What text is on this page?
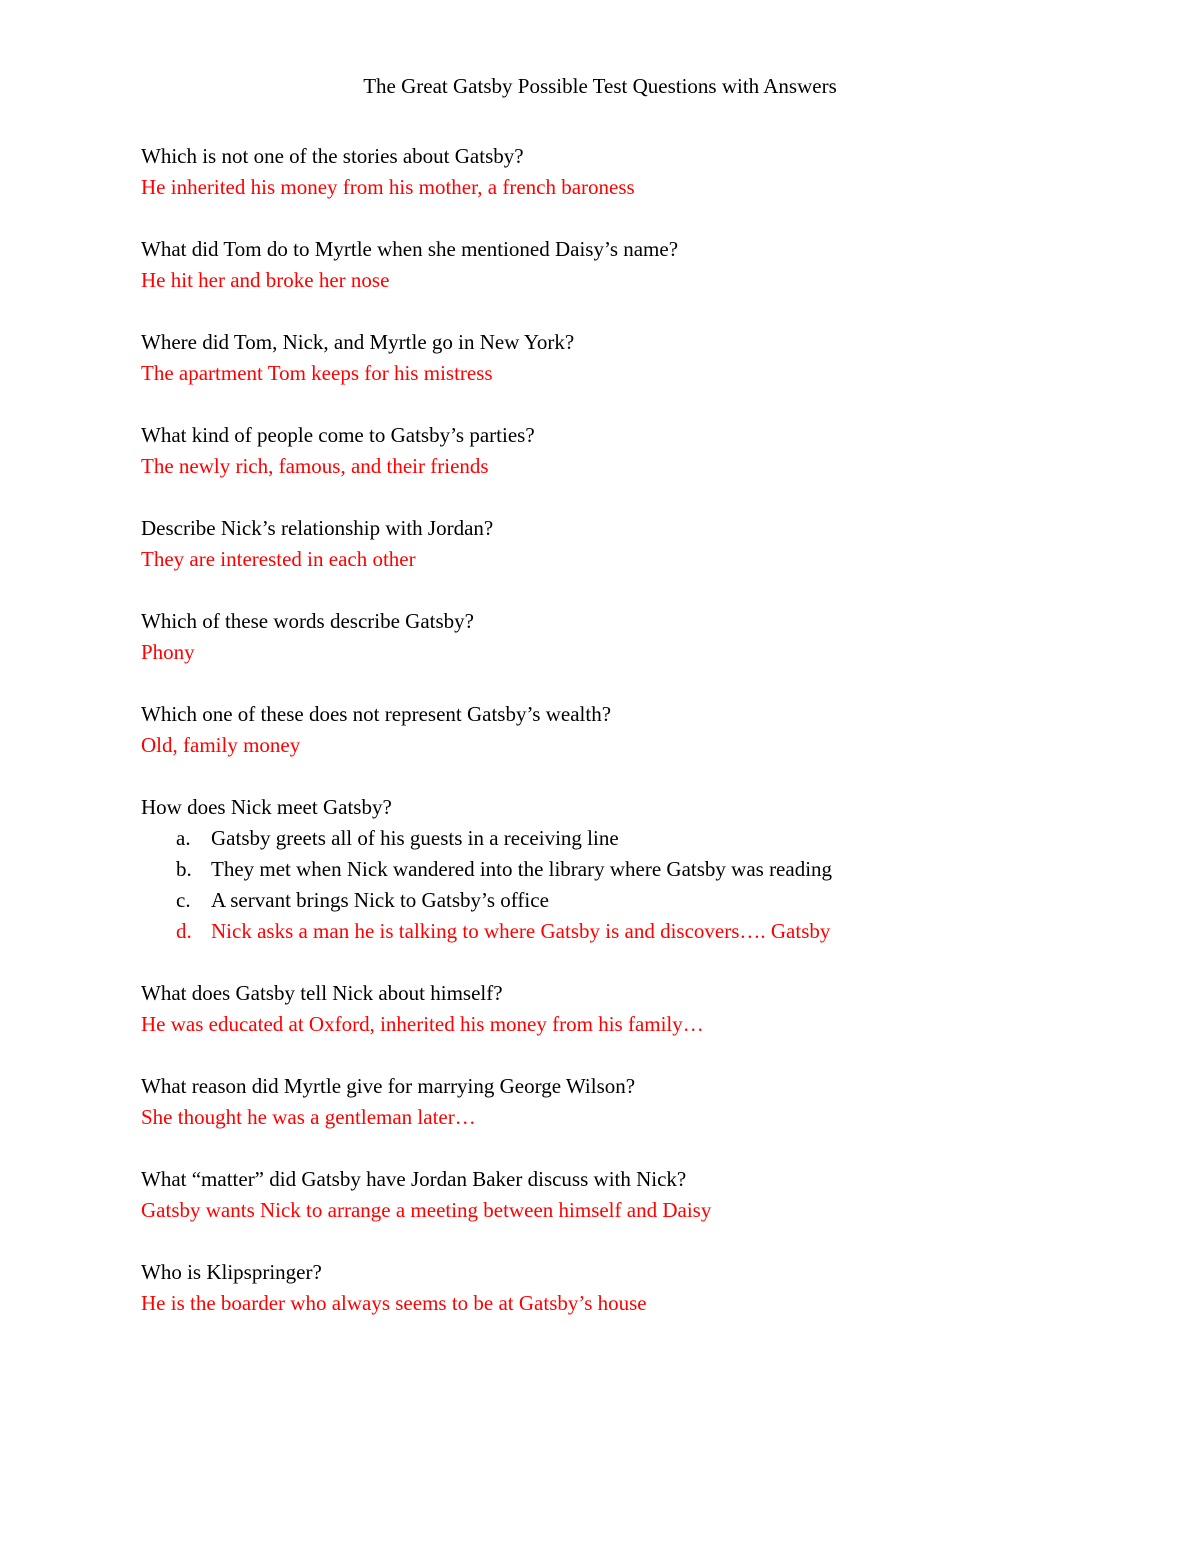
The Great Gatsby Possible Test Questions with Answers
Which is not one of the stories about Gatsby?
He inherited his money from his mother, a french baroness
What did Tom do to Myrtle when she mentioned Daisy’s name?
He hit her and broke her nose
Where did Tom, Nick, and Myrtle go in New York?
The apartment Tom keeps for his mistress
What kind of people come to Gatsby’s parties?
The newly rich, famous, and their friends
Describe Nick’s relationship with Jordan?
They are interested in each other
Which of these words describe Gatsby?
Phony
Which one of these does not represent Gatsby’s wealth?
Old, family money
How does Nick meet Gatsby?
a. Gatsby greets all of his guests in a receiving line
b. They met when Nick wandered into the library where Gatsby was reading
c. A servant brings Nick to Gatsby’s office
d. Nick asks a man he is talking to where Gatsby is and discovers…. Gatsby
What does Gatsby tell Nick about himself?
He was educated at Oxford, inherited his money from his family…
What reason did Myrtle give for marrying George Wilson?
She thought he was a gentleman later…
What “matter” did Gatsby have Jordan Baker discuss with Nick?
Gatsby wants Nick to arrange a meeting between himself and Daisy
Who is Klipspringer?
He is the boarder who always seems to be at Gatsby’s house
